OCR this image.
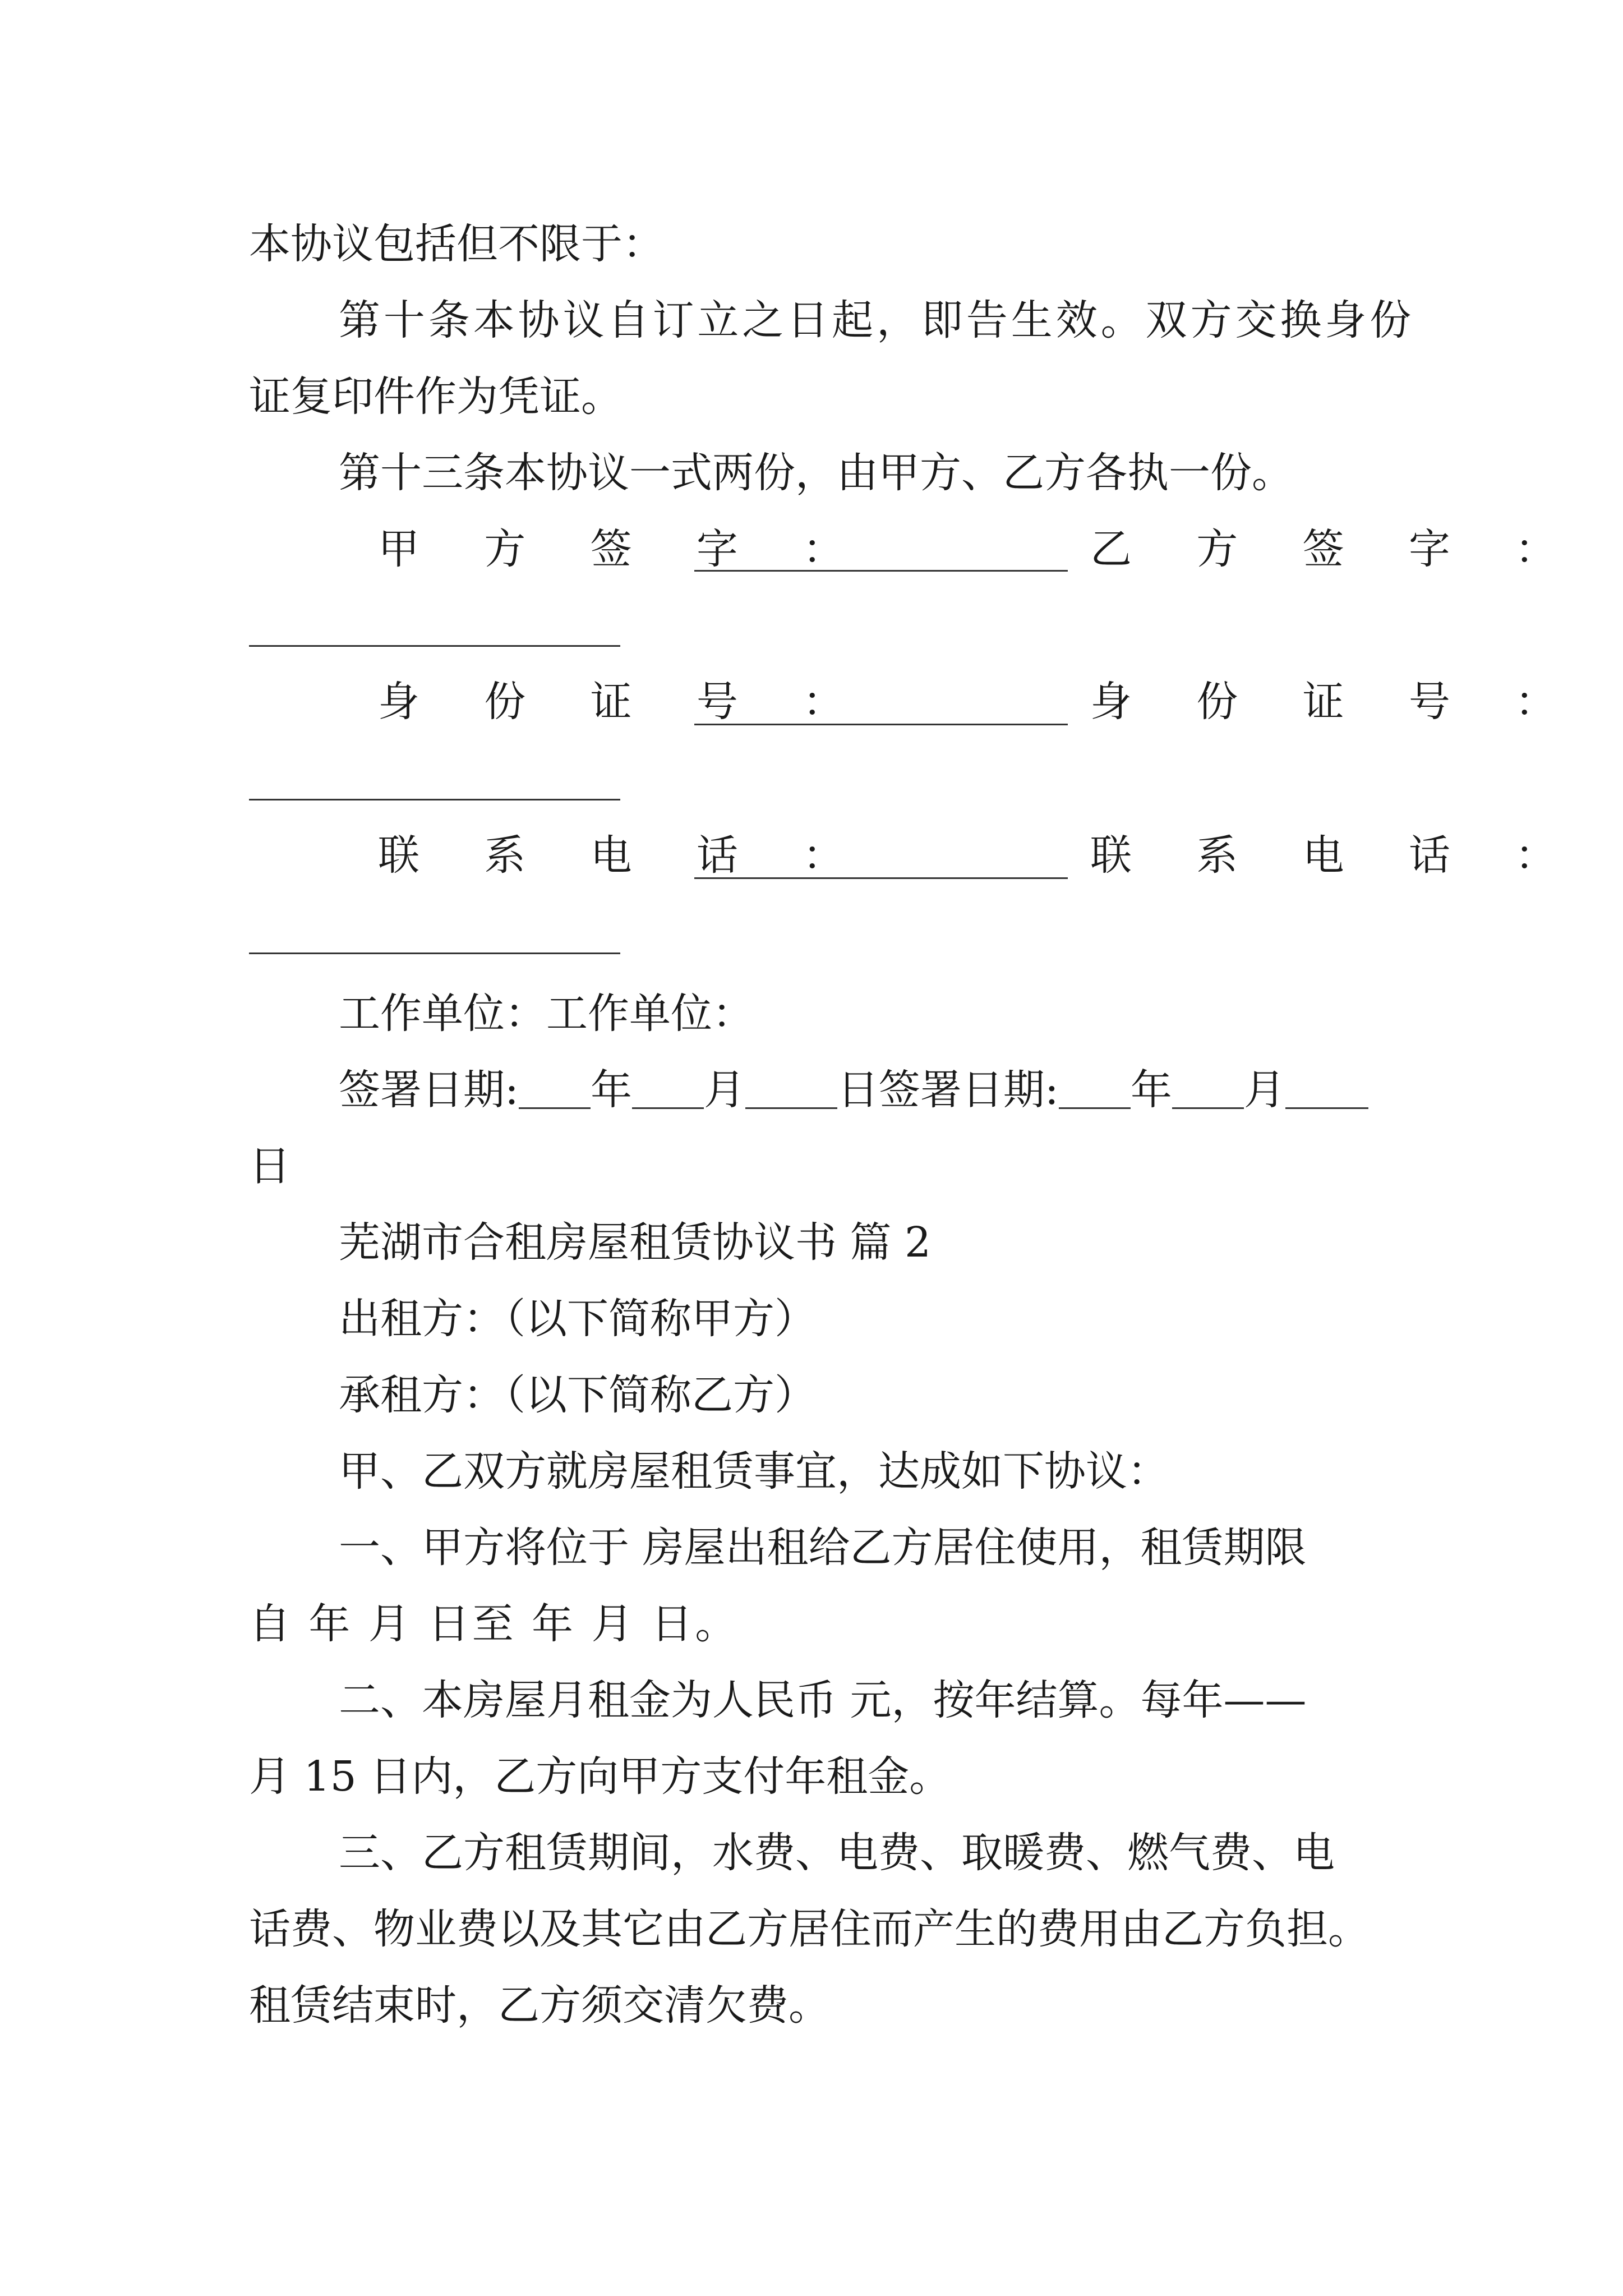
本协议包括但不限于：
第十条本协议自订立之日起，即告生效。双方交换身份
证复印件作为凭证。
第十三条本协议一式两份，由甲方、乙方各执一份。
甲 方 签 字 ：	乙 方 签 字 ：
身 份 证 号 ：	身 份 证 号 ：
联 系 电 话 ：	联 系 电 话 ：
工作单位：工作单位：
签署日期: 年 月 日签署日期: 年 月
日
芜湖市合租房屋租赁协议书 篇 2
出租方：（以下简称甲方）
承租方：（以下简称乙方）
甲、乙双方就房屋租赁事宜，达成如下协议：
一、甲方将位于 房屋出租给乙方居住使用，租赁期限
自 年 月 日至 年 月 日。
二、本房屋月租金为人民币 元，按年结算。每年——
月 15 日内，乙方向甲方支付年租金。
三、乙方租赁期间，水费、电费、取暖费、燃气费、电
话费、物业费以及其它由乙方居住而产生的费用由乙方负担。
租赁结束时，乙方须交清欠费。
